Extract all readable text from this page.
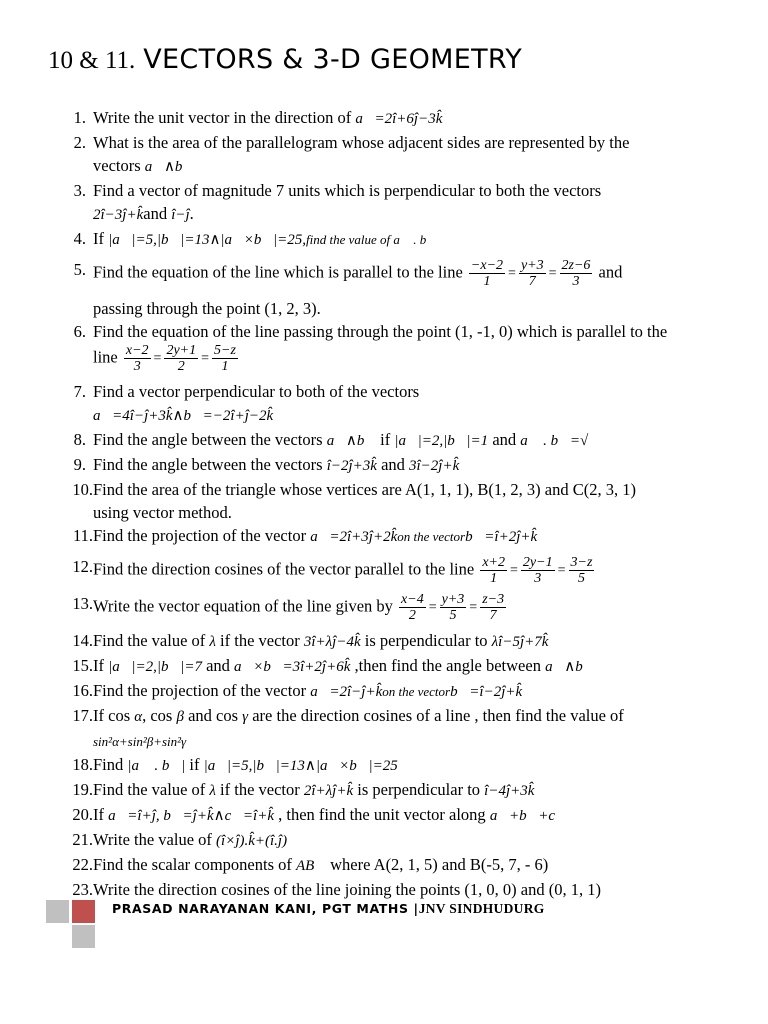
10 & 11. VECTORS & 3-D GEOMETRY
1. Write the unit vector in the direction of a⃗=2î+6ĵ−3k̂
2. What is the area of the parallelogram whose adjacent sides are represented by the
vectors a⃗∧b⃗
3. Find a vector of magnitude 7 units which is perpendicular to both the vectors
2î−3ĵ+k̂and î−ĵ.
4. If |a⃗|=5,|b⃗|=13∧|a⃗×b⃗|=25,find the value of a⃗ . b⃗
5. Find the equation of the line which is parallel to the line $\frac{-x-2}{1} = \frac{y+3}{7} = \frac{2z-6}{3}$ and
passing through the point (1, 2, 3).
6. Find the equation of the line passing through the point (1, -1, 0) which is parallel to the
line $\frac{x-2}{3} = \frac{2y+1}{2} = \frac{5-z}{1}$
7. Find a vector perpendicular to both of the vectors
a⃗=4î−ĵ+3k̂∧b⃗=−2î+ĵ−2k̂
8. Find the angle between the vectors a⃗∧b⃗ if |a⃗|=2,|b⃗|=1 and a⃗ . b⃗=√❑
9. Find the angle between the vectors î−2ĵ+3k̂ and 3î−2ĵ+k̂
10. Find the area of the triangle whose vertices are A(1, 1, 1), B(1, 2, 3) and C(2, 3, 1)
using vector method.
11. Find the projection of the vector a⃗=2î+3ĵ+2k̂on the vectorb⃗=î+2ĵ+k̂
12. Find the direction cosines of the vector parallel to the line $\frac{x+2}{1} = \frac{2y-1}{3} = \frac{3-z}{5}$
13. Write the vector equation of the line given by $\frac{x-4}{2} = \frac{y+3}{5} = \frac{z-3}{7}$
14. Find the value of λ if the vector 3î+λĵ−4k̂ is perpendicular to λî−5ĵ+7k̂
15. If |a⃗|=2,|b⃗|=7 and a⃗×b⃗=3î+2ĵ+6k̂ ,then find the angle between a⃗∧b⃗
16. Find the projection of the vector a⃗=2î−ĵ+k̂on the vectorb⃗=î−2ĵ+k̂
17. If cos α, cos β and cos γ are the direction cosines of a line , then find the value of
sin²α+sin²β+sin²γ
18. Find |a⃗ . b⃗| if |a⃗|=5,|b⃗|=13∧|a⃗×b⃗|=25
19. Find the value of λ if the vector 2î+λĵ+k̂ is perpendicular to î−4ĵ+3k̂
20. If a⃗=î+ĵ, b⃗=ĵ+k̂∧c⃗=î+k̂ , then find the unit vector along a⃗+b⃗+c⃗
21. Write the value of (î×ĵ).k̂+(î.ĵ)
22. Find the scalar components of AB⃗ where A(2, 1, 5) and B(-5, 7, - 6)
23. Write the direction cosines of the line joining the points (1, 0, 0) and (0, 1, 1)
PRASAD NARAYANAN KANI, PGT MATHS |JNV SINDHUDURG
